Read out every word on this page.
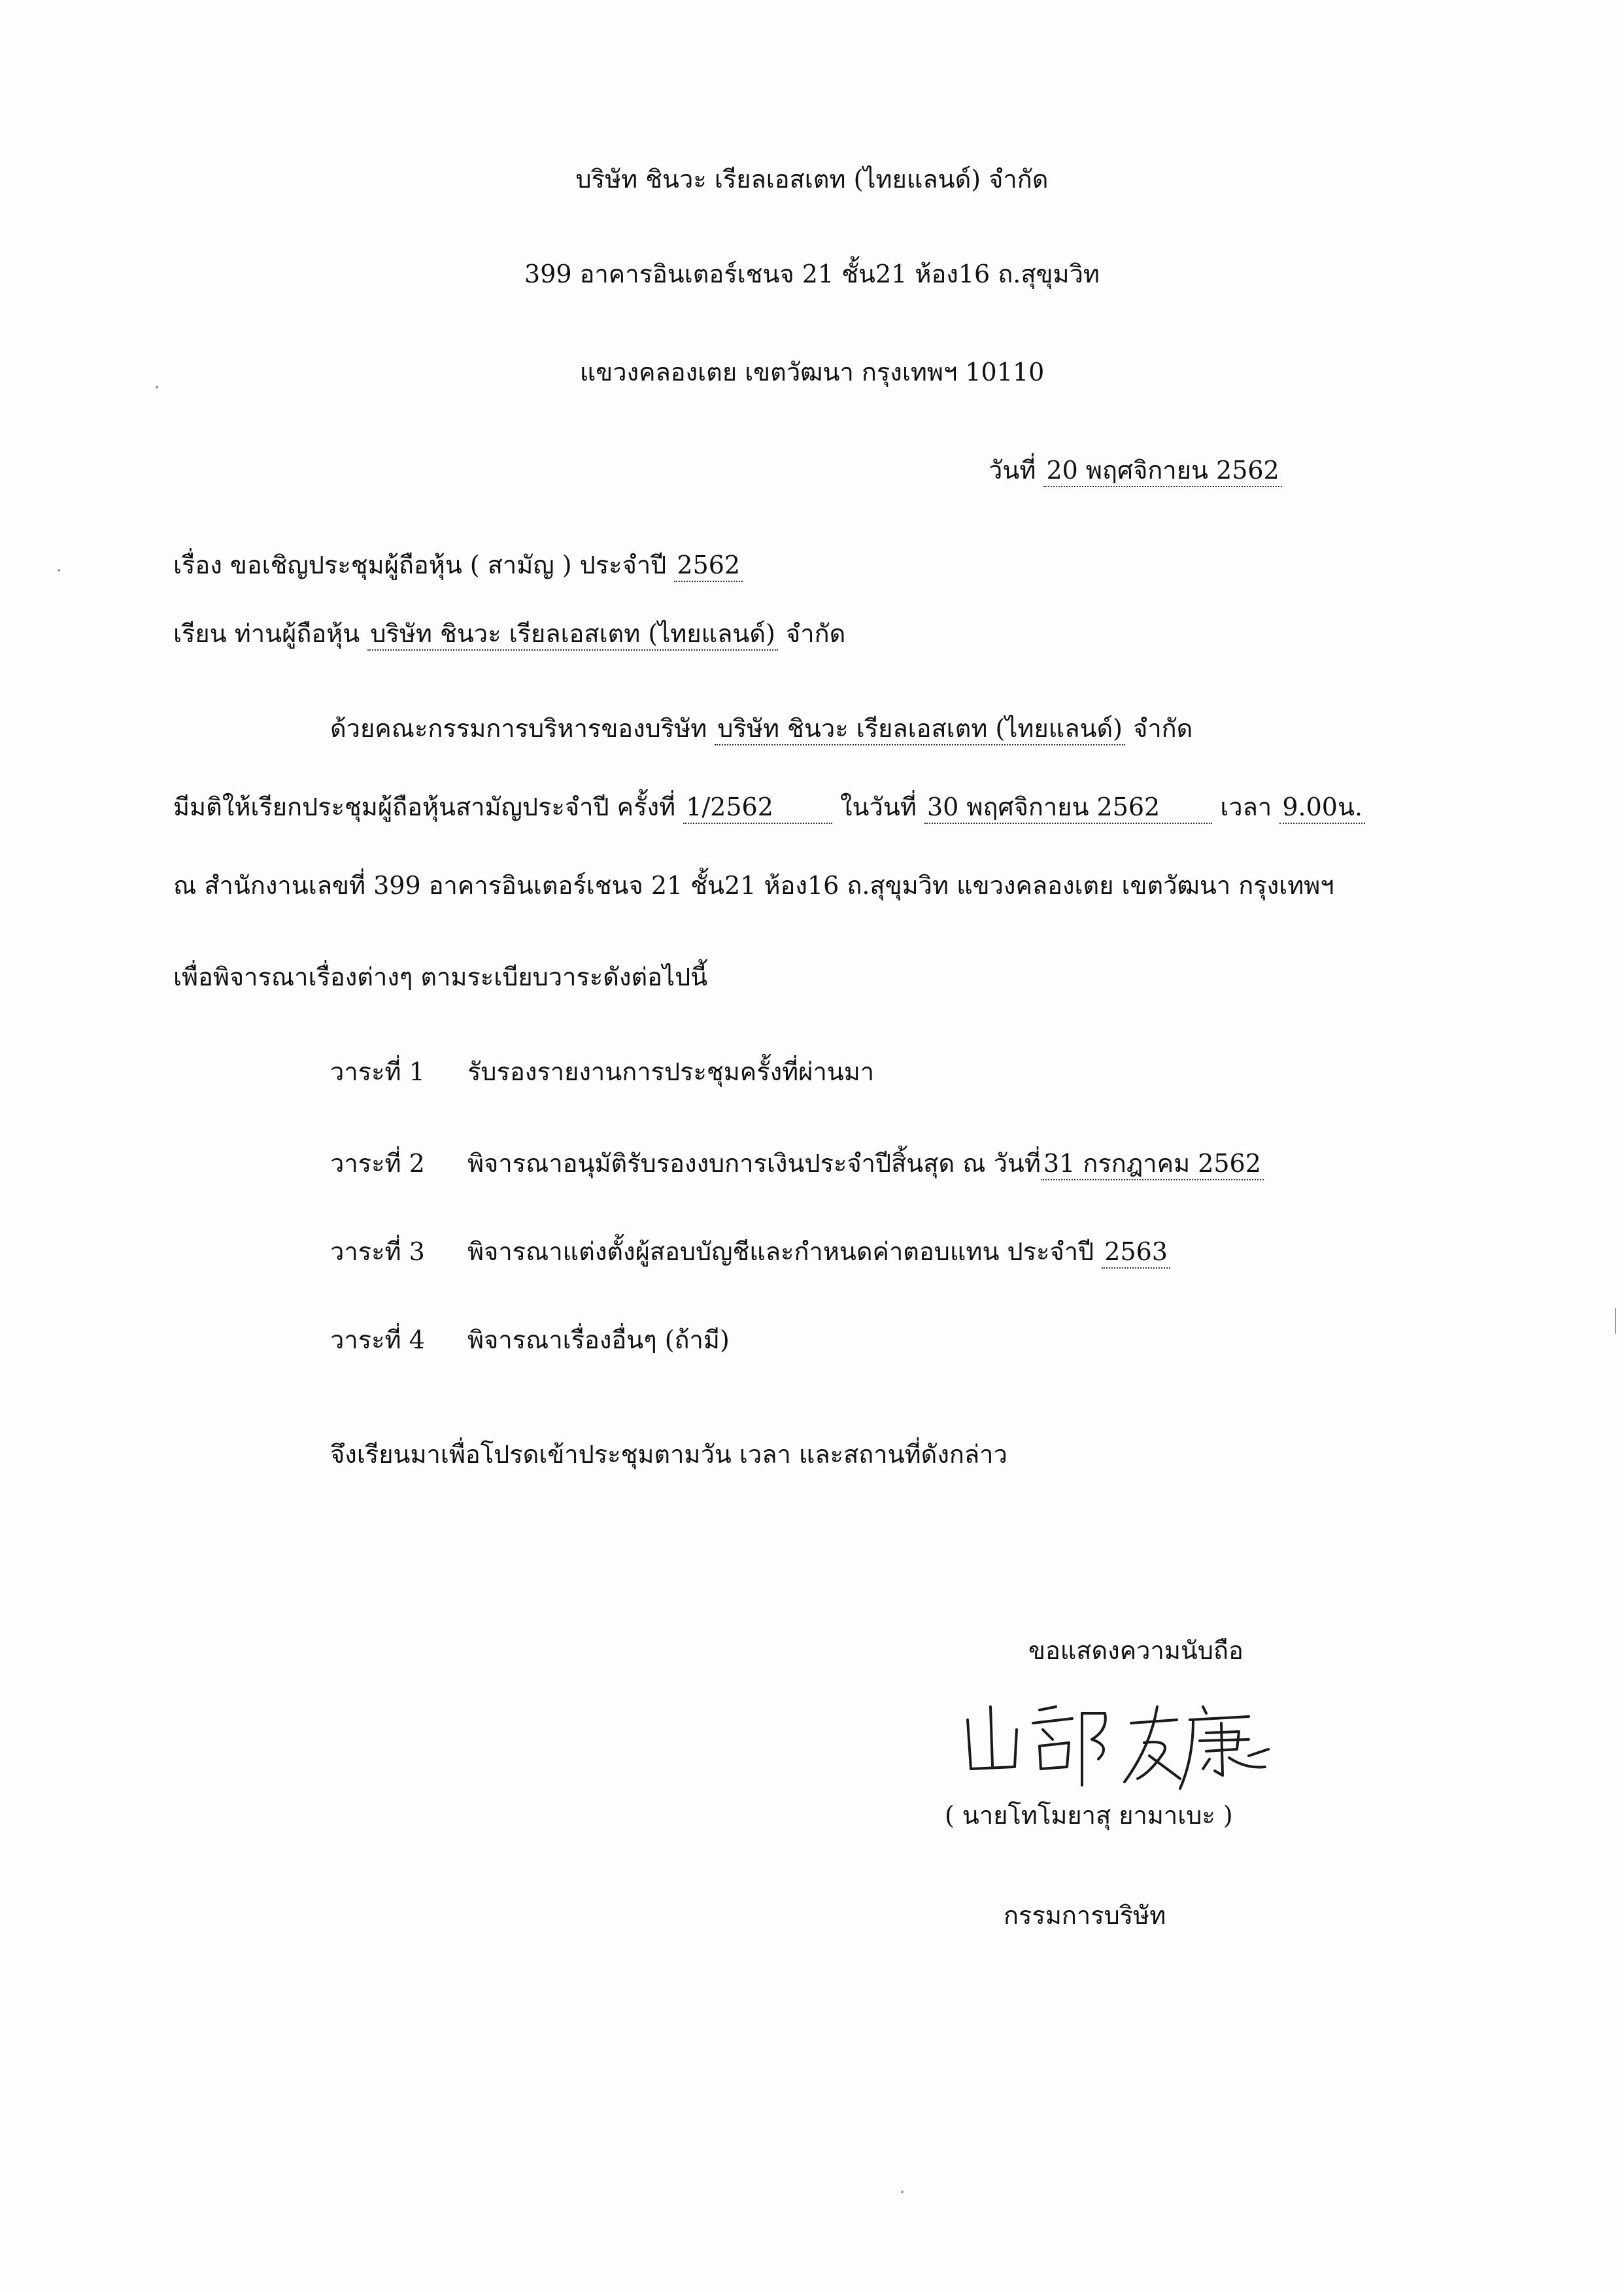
บริษัท ชินวะ เรียลเอสเตท (ไทยแลนด์) จำกัด
399 อาคารอินเตอร์เชนจ 21 ชั้น21 ห้อง16 ถ.สุขุมวิท
แขวงคลองเตย เขตวัฒนา กรุงเทพฯ 10110
วันที่ 20 พฤศจิกายน 2562
เรื่อง ขอเชิญประชุมผู้ถือหุ้น ( สามัญ ) ประจำปี 2562
เรียน ท่านผู้ถือหุ้น บริษัท ชินวะ เรียลเอสเตท (ไทยแลนด์) จำกัด
ด้วยคณะกรรมการบริหารของบริษัท บริษัท ชินวะ เรียลเอสเตท (ไทยแลนด์) จำกัด
มีมติให้เรียกประชุมผู้ถือหุ้นสามัญประจำปี ครั้งที่ 1/2562	ในวันที่ 30 พฤศจิกายน 2562 เวลา 9.00น.
ณ สำนักงานเลขที่ 399 อาคารอินเตอร์เชนจ 21 ชั้น21 ห้อง16 ถ.สุขุมวิท แขวงคลองเตย เขตวัฒนา กรุงเทพฯ
เพื่อพิจารณาเรื่องต่างๆ ตามระเบียบวาระดังต่อไปนี้
วาระที่ 1 รับรองรายงานการประชุมครั้งที่ผ่านมา
วาระที่ 2 พิจารณาอนุมัติรับรองงบการเงินประจำปีสิ้นสุด ณ วันที่ 31 กรกฎาคม 2562
วาระที่ 3 พิจารณาแต่งตั้งผู้สอบบัญชีและกำหนดค่าตอบแทน ประจำปี 2563
วาระที่ 4 พิจารณาเรื่องอื่นๆ (ถ้ามี)
จึงเรียนมาเพื่อโปรดเข้าประชุมตามวัน เวลา และสถานที่ดังกล่าว
ขอแสดงความนับถือ
( นายโทโมยาสุ ยามาเบะ )
กรรมการบริษัท
